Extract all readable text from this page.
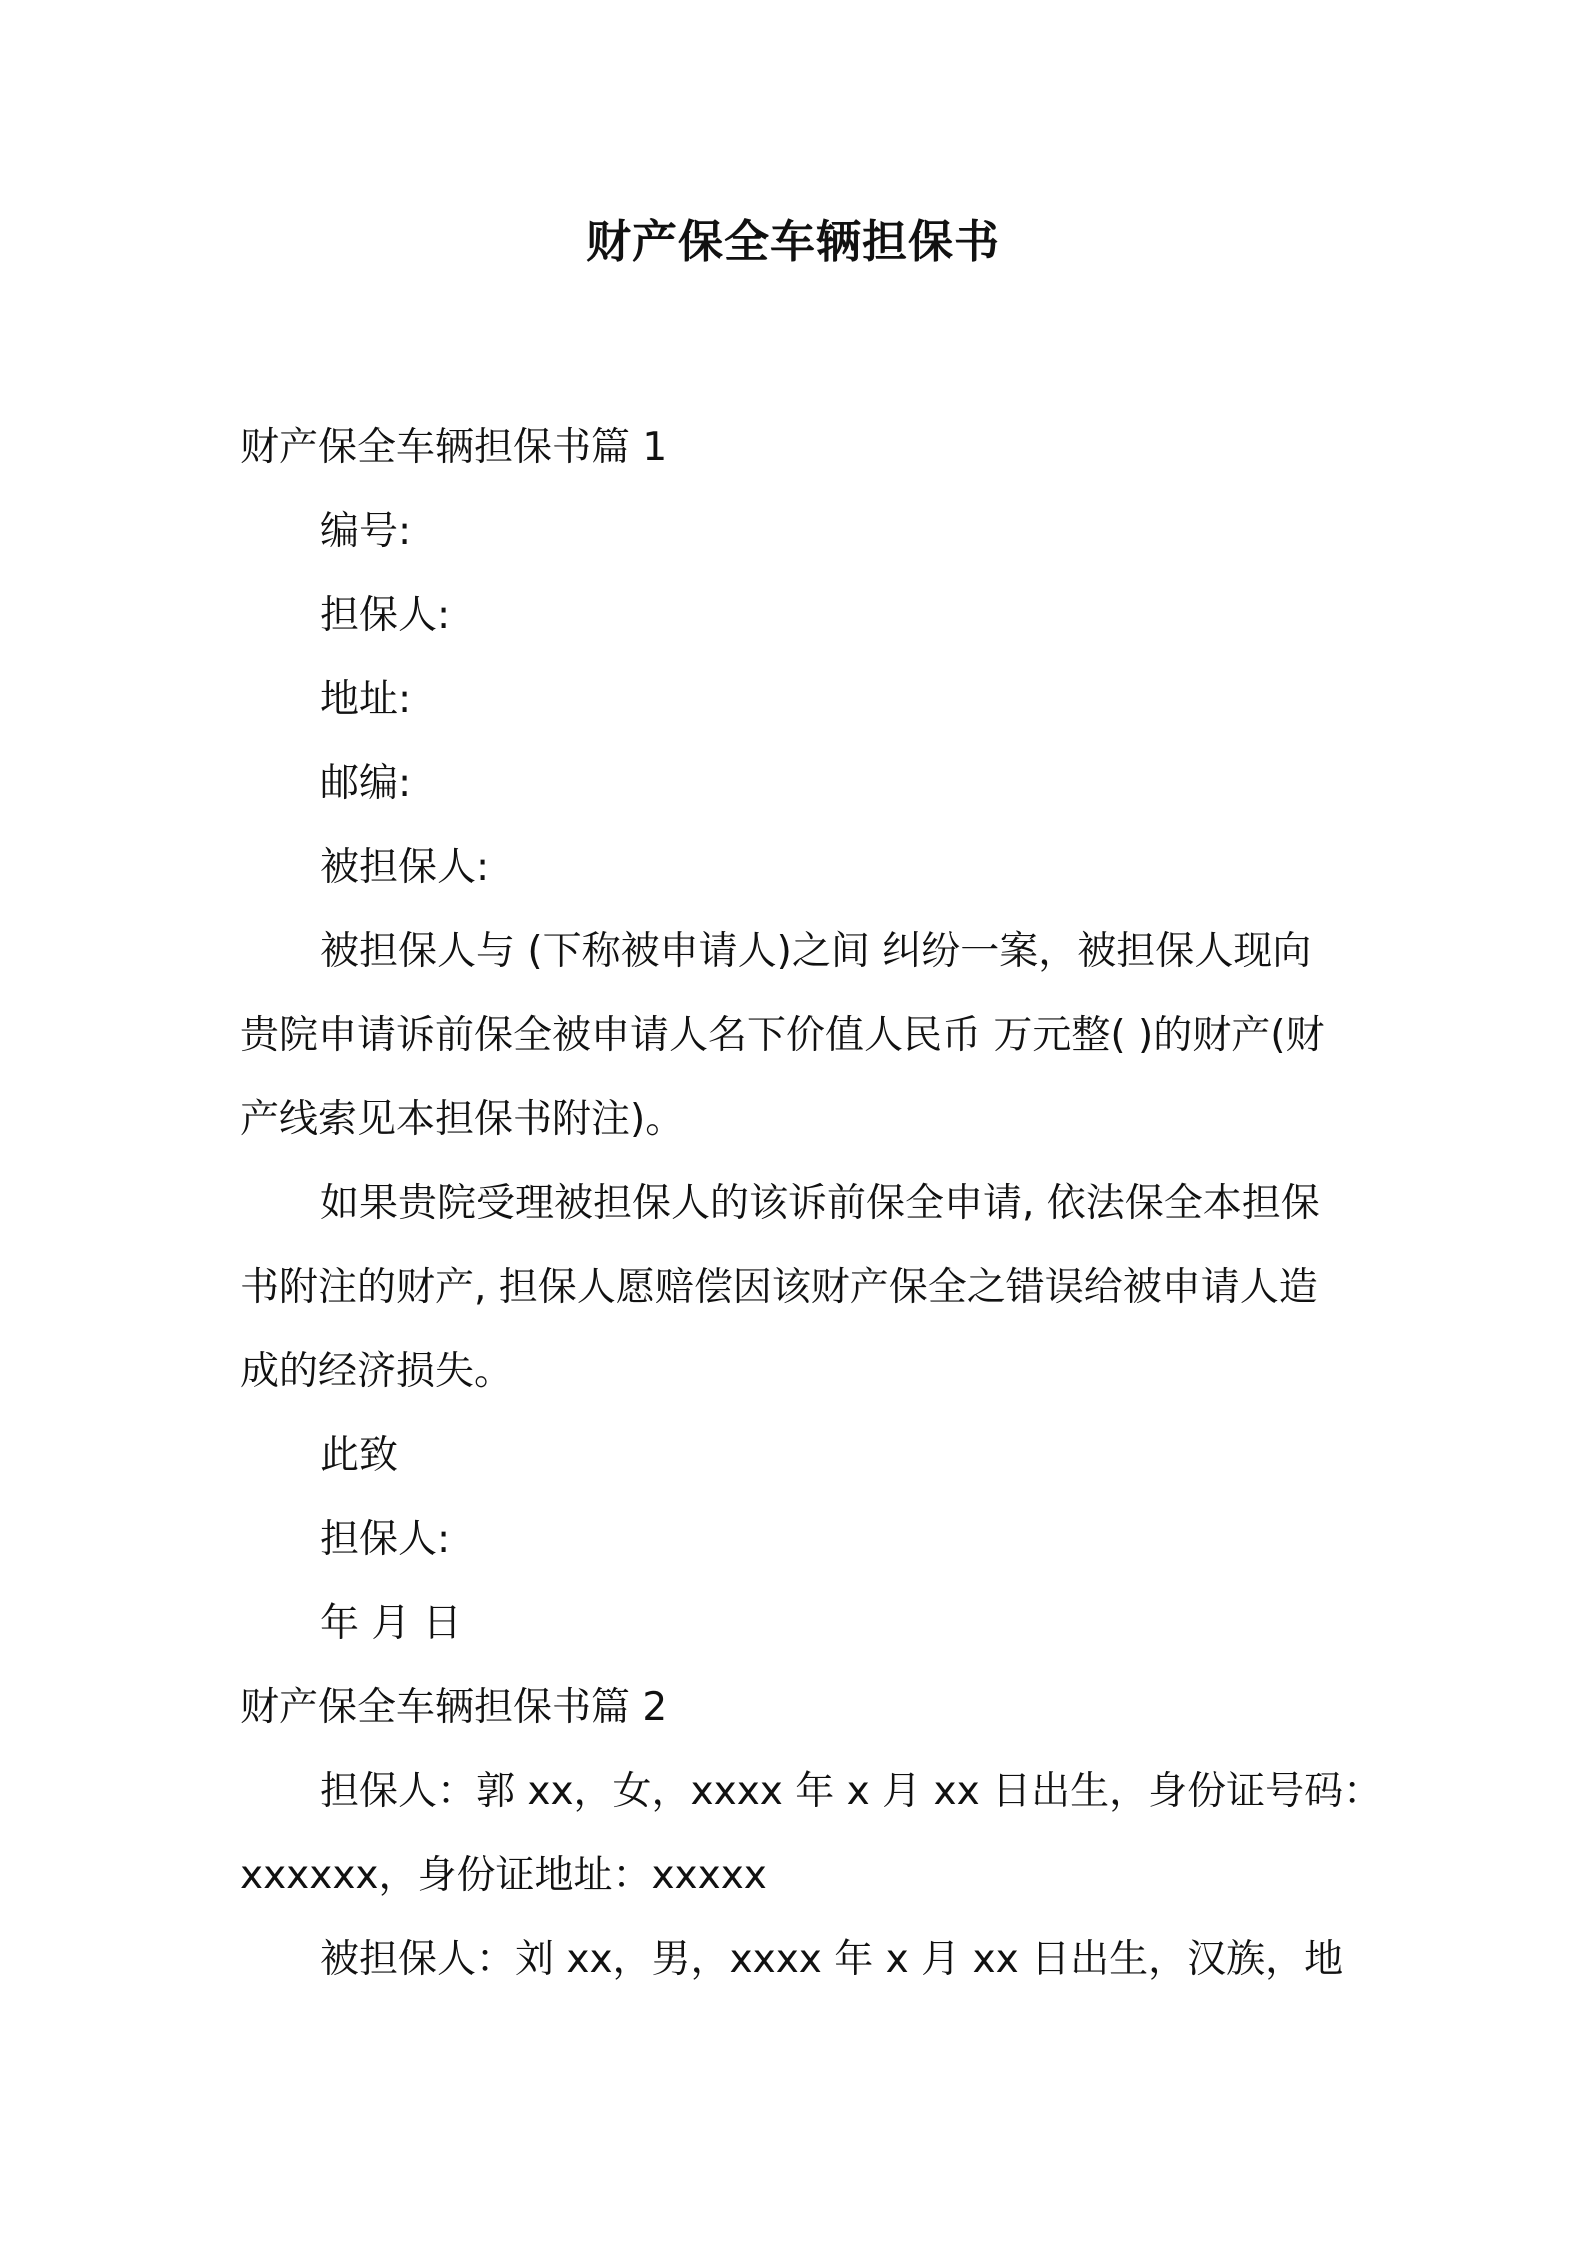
财产保全车辆担保书
财产保全车辆担保书篇 1
编号:
担保人:
地址:
邮编:
被担保人:
被担保人与 (下称被申请人)之间 纠纷一案，被担保人现向
贵院申请诉前保全被申请人名下价值人民币 万元整( )的财产(财
产线索见本担保书附注)。
如果贵院受理被担保人的该诉前保全申请, 依法保全本担保
书附注的财产, 担保人愿赔偿因该财产保全之错误给被申请人造
成的经济损失。
此致
担保人:
年 月 日
财产保全车辆担保书篇 2
担保人：郭 xx，女，xxxx 年 x 月 xx 日出生，身份证号码：
xxxxxx，身份证地址：xxxxx
被担保人：刘 xx，男，xxxx 年 x 月 xx 日出生，汉族，地
